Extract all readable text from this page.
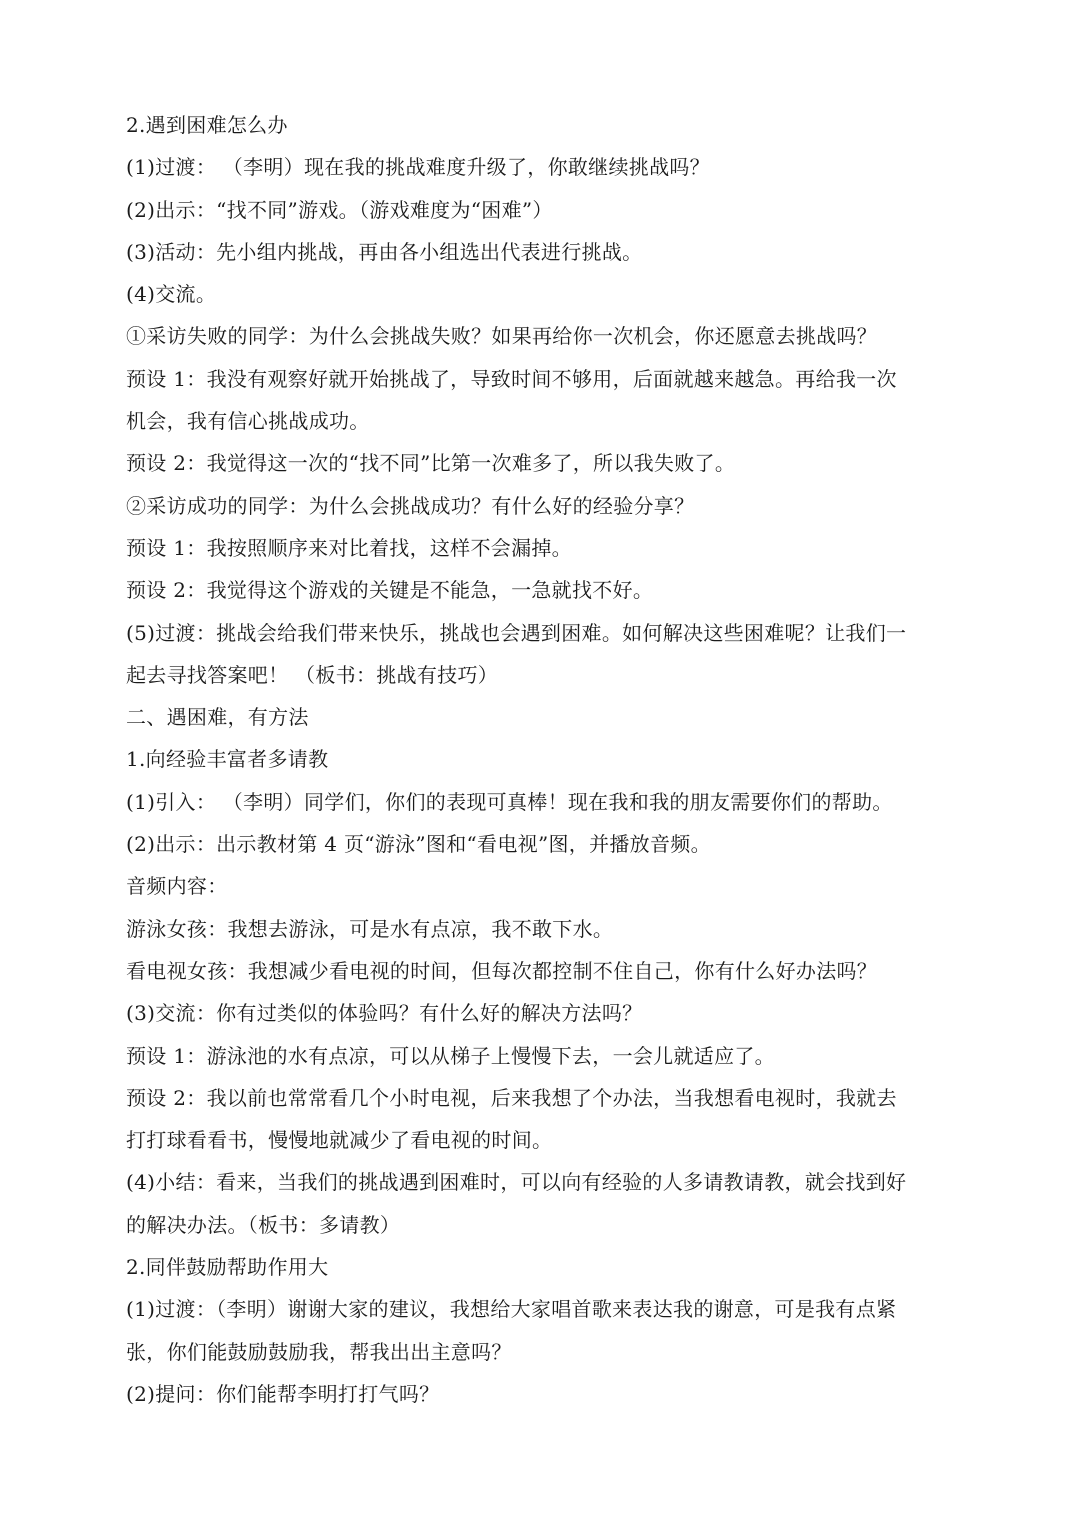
2.遇到困难怎么办
(1)过渡： （李明）现在我的挑战难度升级了，你敢继续挑战吗？
(2)出示：“找不同”游戏。（游戏难度为“困难”）
(3)活动：先小组内挑战，再由各小组选出代表进行挑战。
(4)交流。
①采访失败的同学：为什么会挑战失败？如果再给你一次机会，你还愿意去挑战吗？
预设 1：我没有观察好就开始挑战了，导致时间不够用，后面就越来越急。再给我一次
机会，我有信心挑战成功。
预设 2：我觉得这一次的“找不同”比第一次难多了，所以我失败了。
②采访成功的同学：为什么会挑战成功？有什么好的经验分享？
预设 1：我按照顺序来对比着找，这样不会漏掉。
预设 2：我觉得这个游戏的关键是不能急，一急就找不好。
(5)过渡：挑战会给我们带来快乐，挑战也会遇到困难。如何解决这些困难呢？让我们一
起去寻找答案吧！ （板书：挑战有技巧）
二、遇困难，有方法
1.向经验丰富者多请教
(1)引入： （李明）同学们，你们的表现可真棒！现在我和我的朋友需要你们的帮助。
(2)出示：出示教材第 4 页“游泳”图和“看电视”图，并播放音频。
音频内容：
游泳女孩：我想去游泳，可是水有点凉，我不敢下水。
看电视女孩：我想减少看电视的时间，但每次都控制不住自己，你有什么好办法吗？
(3)交流：你有过类似的体验吗？有什么好的解决方法吗？
预设 1：游泳池的水有点凉，可以从梯子上慢慢下去，一会儿就适应了。
预设 2：我以前也常常看几个小时电视，后来我想了个办法，当我想看电视时，我就去
打打球看看书，慢慢地就减少了看电视的时间。
(4)小结：看来，当我们的挑战遇到困难时，可以向有经验的人多请教请教，就会找到好
的解决办法。（板书：多请教）
2.同伴鼓励帮助作用大
(1)过渡：（李明）谢谢大家的建议，我想给大家唱首歌来表达我的谢意，可是我有点紧
张，你们能鼓励鼓励我，帮我出出主意吗？
(2)提问：你们能帮李明打打气吗？
